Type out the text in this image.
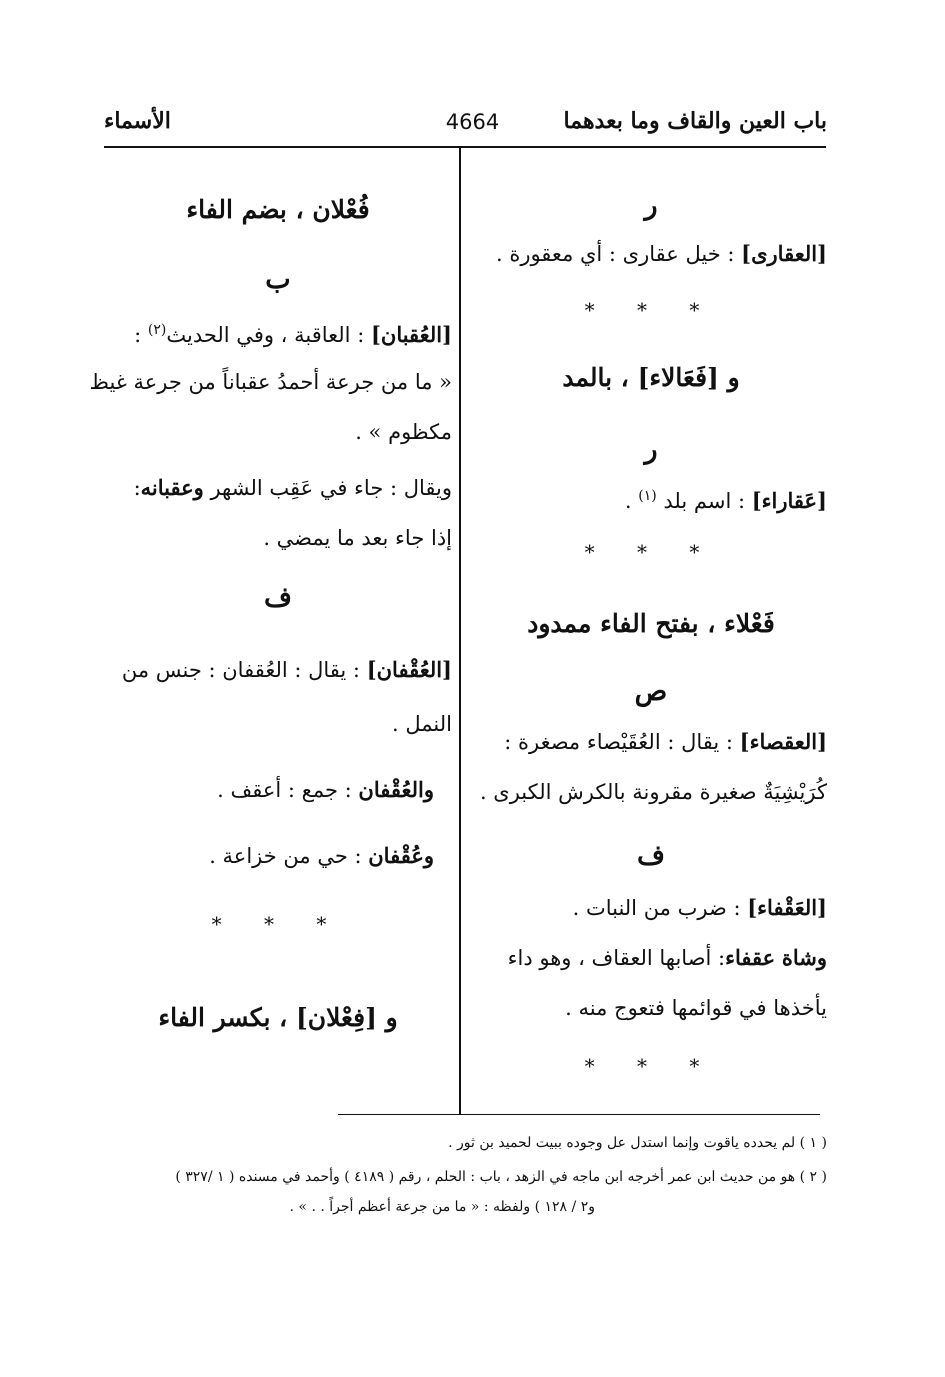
باب العين والقاف وما بعدهما
4664
الأسماء
ر
[العقارى] : خيل عقارى : أي معقورة .
* * *
و [فَعَالاء] ، بالمد
ر
[عَقاراء] : اسم بلد $^{(١)}$ .
* * *
فَعْلاء ، بفتح الفاء ممدود
ص
[العقصاء] : يقال : العُقَيْصاء مصغرة :
كُرَيْشِيَةٌ صغيرة مقرونة بالكرش الكبرى .
ف
[العَقْفاء] : ضرب من النبات .
وشاة عقفاء: أصابها العقاف ، وهو داء
يأخذها في قوائمها فتعوج منه .
* * *
فُعْلان ، بضم الفاء
ب
[العُقبان] : العاقبة ، وفي الحديث$^{(٢)}$ :
« ما من جرعة أحمدُ عقباناً من جرعة غيظ
مكظوم » .
ويقال : جاء في عَقِب الشهر وعقبانه:
إذا جاء بعد ما يمضي .
ف
[العُقْفان] : يقال : العُقفان : جنس من
النمل .
والعُقْفان : جمع : أعقف .
وعُقْفان : حي من خزاعة .
* * *
و [فِعْلان] ، بكسر الفاء
( ١ ) لم يحدده ياقوت وإنما استدل عل وجوده ببيت لحميد بن ثور .
( ٢ ) هو من حديث ابن عمر أخرجه ابن ماجه في الزهد ، باب : الحلم ، رقم ( ٤١٨٩ ) وأحمد في مسنده ( ١ /٣٢٧ )
و٢ / ١٢٨ ) ولفظه : « ما من جرعة أعظم أجراً . . » .
